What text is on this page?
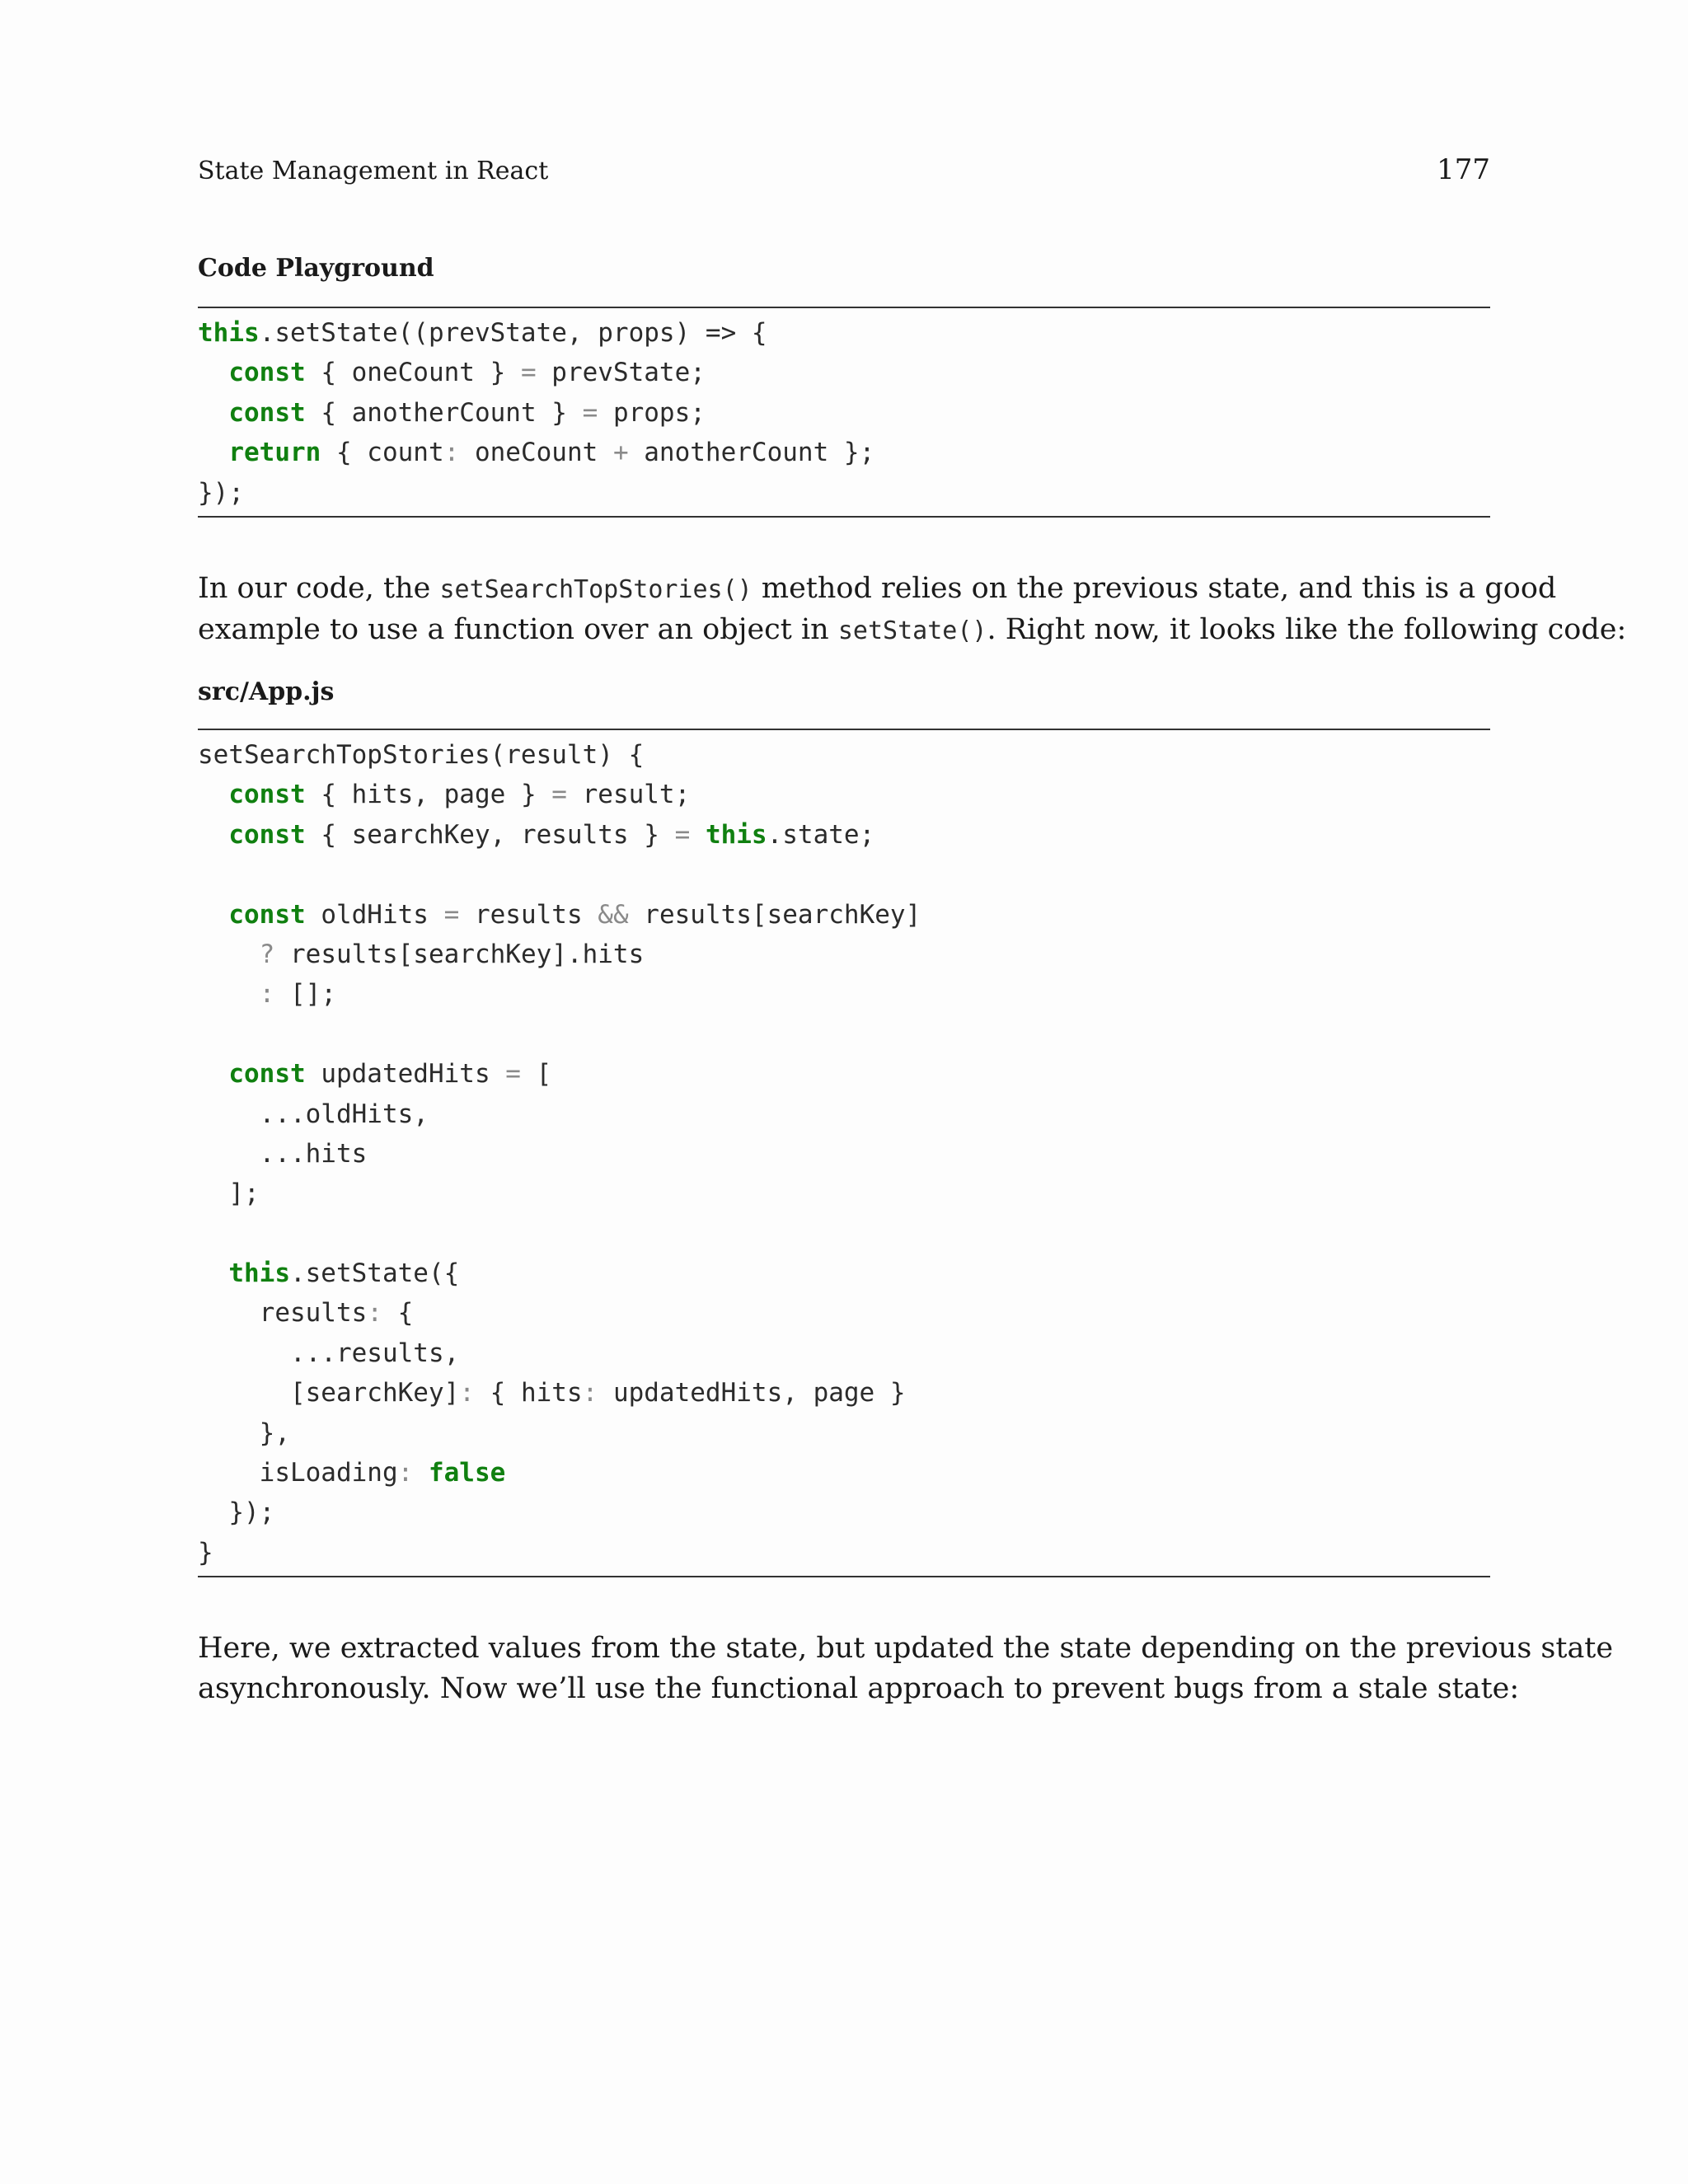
State Management in React	177
Code Playground
this.setState((prevState, props) => {
const { oneCount } = prevState;
const { anotherCount } = props;
return { count: oneCount + anotherCount };
});
In our code, the setSearchTopStories() method relies on the previous state, and this is a good
example to use a function over an object in setState(). Right now, it looks like the following code:
src/App.js
setSearchTopStories(result) {
const { hits, page } = result;
const { searchKey, results } = this.state;
const oldHits = results && results[searchKey]
? results[searchKey].hits
: [];
const updatedHits = [
...oldHits,
...hits
];
this.setState({
results: {
...results,
[searchKey]: { hits: updatedHits, page }
},
isLoading: false
});
}
Here, we extracted values from the state, but updated the state depending on the previous state
asynchronously. Now we’ll use the functional approach to prevent bugs from a stale state:
